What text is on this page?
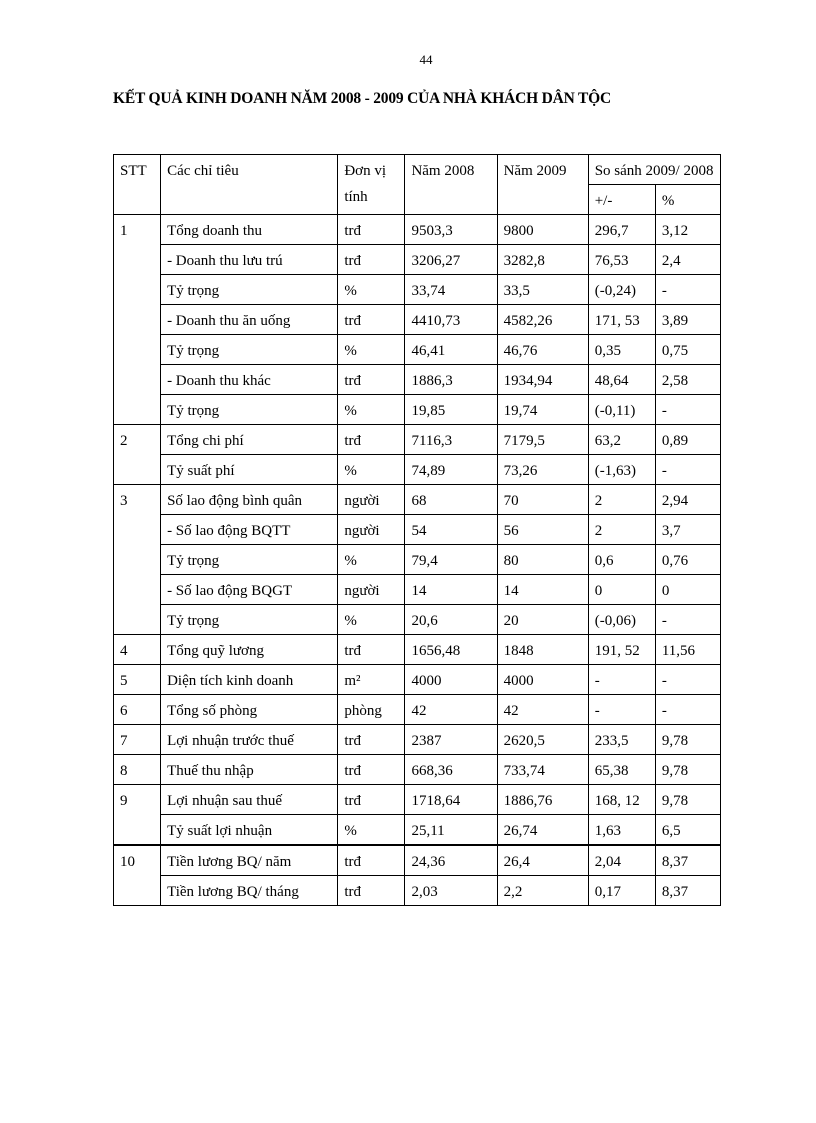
44
KẾT QUẢ KINH DOANH NĂM 2008 - 2009 CỦA NHÀ KHÁCH DÂN TỘC
STT	Các chỉ tiêu	Đơn vị tính	Năm 2008	Năm 2009	So sánh 2009/ 2008	
					+/-	%
1	Tổng doanh thu	trđ	9503,3	9800	296,7	3,12
	- Doanh thu lưu trú	trđ	3206,27	3282,8	76,53	2,4
	Tỷ trọng	%	33,74	33,5	(-0,24)	-
	- Doanh thu ăn uống	trđ	4410,73	4582,26	171, 53	3,89
	Tỷ trọng	%	46,41	46,76	0,35	0,75
	- Doanh thu khác	trđ	1886,3	1934,94	48,64	2,58
	Tỷ trọng	%	19,85	19,74	(-0,11)	-
2	Tổng chi phí	trđ	7116,3	7179,5	63,2	0,89
	Tỷ suất phí	%	74,89	73,26	(-1,63)	-
3	Số lao động bình quân	người	68	70	2	2,94
	- Số lao động BQTT	người	54	56	2	3,7
	Tỷ trọng	%	79,4	80	0,6	0,76
	- Số lao động BQGT	người	14	14	0	0
	Tỷ trọng	%	20,6	20	(-0,06)	-
4	Tổng quỹ lương	trđ	1656,48	1848	191, 52	11,56
5	Diện tích kinh doanh	m²	4000	4000	-	-
6	Tổng số phòng	phòng	42	42	-	-
7	Lợi nhuận trước thuế	trđ	2387	2620,5	233,5	9,78
8	Thuế thu nhập	trđ	668,36	733,74	65,38	9,78
9	Lợi nhuận sau thuế	trđ	1718,64	1886,76	168, 12	9,78
	Tỷ suất lợi nhuận	%	25,11	26,74	1,63	6,5
10	Tiền lương BQ/ năm	trđ	24,36	26,4	2,04	8,37
	Tiền lương BQ/ tháng	trđ	2,03	2,2	0,17	8,37
